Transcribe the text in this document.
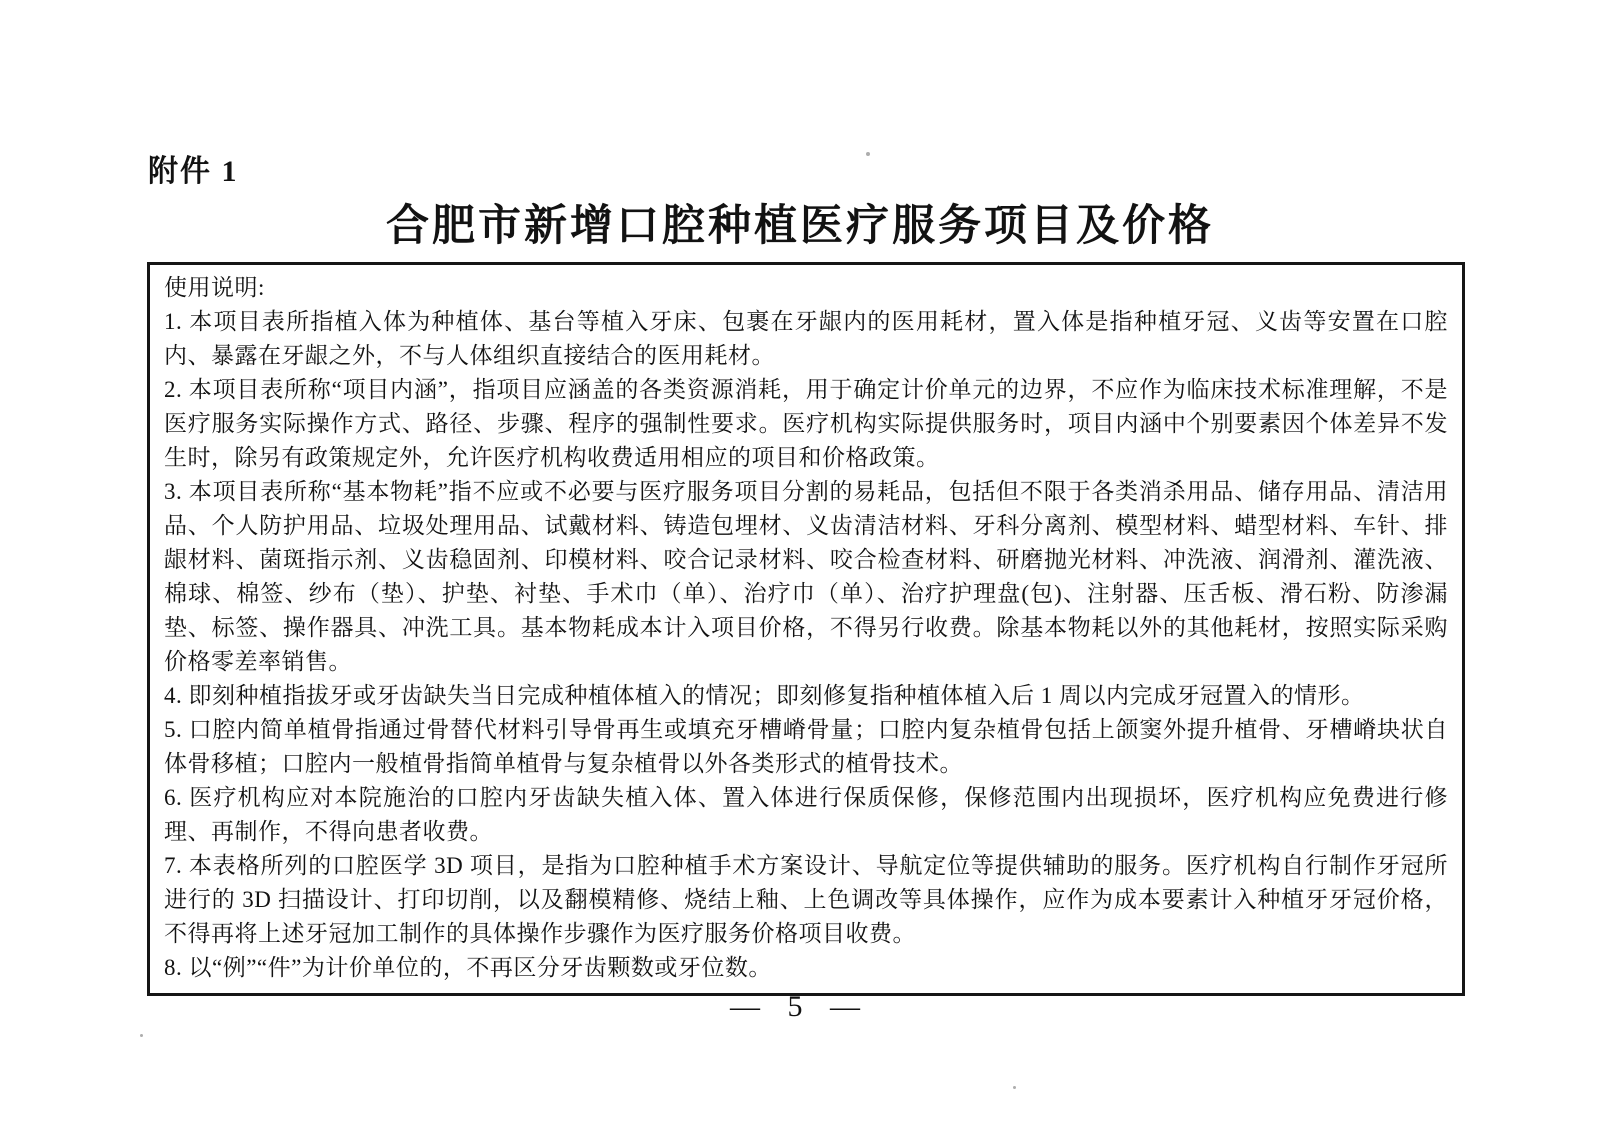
附件 1
合肥市新增口腔种植医疗服务项目及价格

使用说明:

1. 本项目表所指植入体为种植体、基台等植入牙床、包裹在牙龈内的医用耗材，置入体是指种植牙冠、义齿等安置在口腔内、暴露在牙龈之外，不与人体组织直接结合的医用耗材。

2. 本项目表所称“项目内涵”，指项目应涵盖的各类资源消耗，用于确定计价单元的边界，不应作为临床技术标准理解，不是医疗服务实际操作方式、路径、步骤、程序的强制性要求。医疗机构实际提供服务时，项目内涵中个别要素因个体差异不发生时，除另有政策规定外，允许医疗机构收费适用相应的项目和价格政策。

3. 本项目表所称“基本物耗”指不应或不必要与医疗服务项目分割的易耗品，包括但不限于各类消杀用品、储存用品、清洁用品、个人防护用品、垃圾处理用品、试戴材料、铸造包埋材、义齿清洁材料、牙科分离剂、模型材料、蜡型材料、车针、排龈材料、菌斑指示剂、义齿稳固剂、印模材料、咬合记录材料、咬合检查材料、研磨抛光材料、冲洗液、润滑剂、灌洗液、棉球、棉签、纱布（垫）、护垫、衬垫、手术巾（单）、治疗巾（单）、治疗护理盘(包)、注射器、压舌板、滑石粉、防渗漏垫、标签、操作器具、冲洗工具。基本物耗成本计入项目价格，不得另行收费。除基本物耗以外的其他耗材，按照实际采购价格零差率销售。

4. 即刻种植指拔牙或牙齿缺失当日完成种植体植入的情况；即刻修复指种植体植入后 1 周以内完成牙冠置入的情形。

5. 口腔内简单植骨指通过骨替代材料引导骨再生或填充牙槽嵴骨量；口腔内复杂植骨包括上颌窦外提升植骨、牙槽嵴块状自体骨移植；口腔内一般植骨指简单植骨与复杂植骨以外各类形式的植骨技术。

6. 医疗机构应对本院施治的口腔内牙齿缺失植入体、置入体进行保质保修，保修范围内出现损坏，医疗机构应免费进行修理、再制作，不得向患者收费。

7. 本表格所列的口腔医学 3D 项目，是指为口腔种植手术方案设计、导航定位等提供辅助的服务。医疗机构自行制作牙冠所进行的 3D 扫描设计、打印切削，以及翻模精修、烧结上釉、上色调改等具体操作，应作为成本要素计入种植牙牙冠价格，不得再将上述牙冠加工制作的具体操作步骤作为医疗服务价格项目收费。

8. 以“例”“件”为计价单位的，不再区分牙齿颗数或牙位数。

— 5 —
